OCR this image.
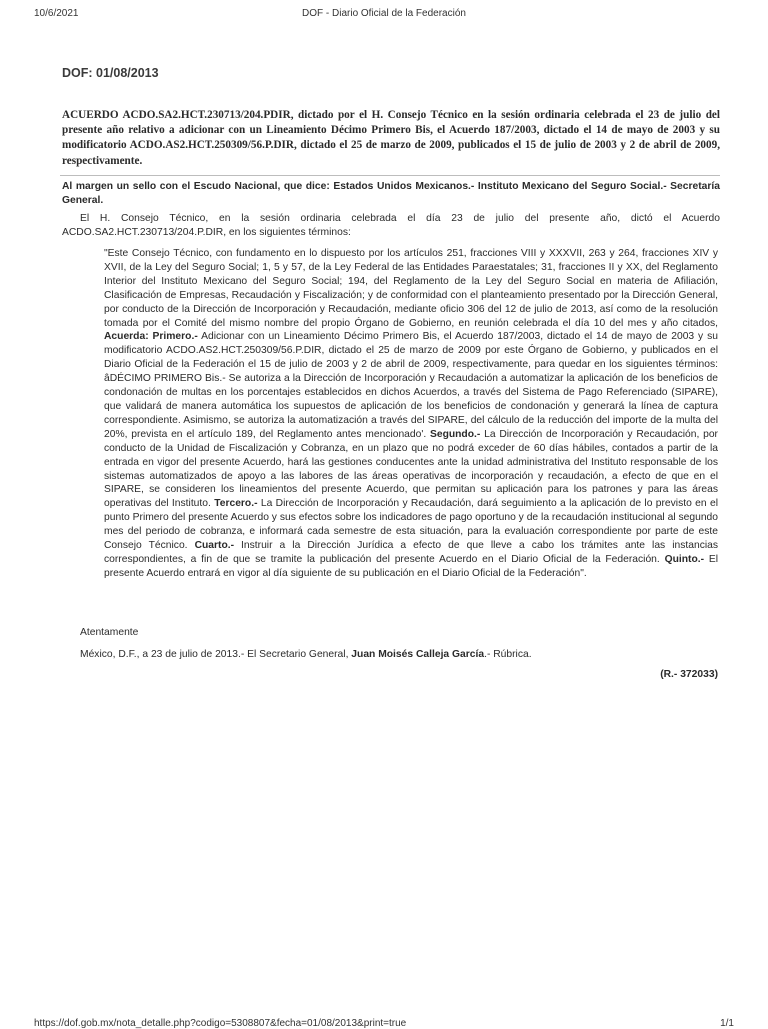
10/6/2021	DOF - Diario Oficial de la Federación
DOF: 01/08/2013
ACUERDO ACDO.SA2.HCT.230713/204.PDIR, dictado por el H. Consejo Técnico en la sesión ordinaria celebrada el 23 de julio del presente año relativo a adicionar con un Lineamiento Décimo Primero Bis, el Acuerdo 187/2003, dictado el 14 de mayo de 2003 y su modificatorio ACDO.AS2.HCT.250309/56.P.DIR, dictado el 25 de marzo de 2009, publicados el 15 de julio de 2003 y 2 de abril de 2009, respectivamente.
Al margen un sello con el Escudo Nacional, que dice: Estados Unidos Mexicanos.- Instituto Mexicano del Seguro Social.- Secretaría General.
El H. Consejo Técnico, en la sesión ordinaria celebrada el día 23 de julio del presente año, dictó el Acuerdo ACDO.SA2.HCT.230713/204.P.DIR, en los siguientes términos:
"Este Consejo Técnico, con fundamento en lo dispuesto por los artículos 251, fracciones VIII y XXXVII, 263 y 264, fracciones XIV y XVII, de la Ley del Seguro Social; 1, 5 y 57, de la Ley Federal de las Entidades Paraestatales; 31, fracciones II y XX, del Reglamento Interior del Instituto Mexicano del Seguro Social; 194, del Reglamento de la Ley del Seguro Social en materia de Afiliación, Clasificación de Empresas, Recaudación y Fiscalización; y de conformidad con el planteamiento presentado por la Dirección General, por conducto de la Dirección de Incorporación y Recaudación, mediante oficio 306 del 12 de julio de 2013, así como de la resolución tomada por el Comité del mismo nombre del propio Órgano de Gobierno, en reunión celebrada el día 10 del mes y año citados, Acuerda: Primero.- Adicionar con un Lineamiento Décimo Primero Bis, el Acuerdo 187/2003, dictado el 14 de mayo de 2003 y su modificatorio ACDO.AS2.HCT.250309/56.P.DIR, dictado el 25 de marzo de 2009 por este Órgano de Gobierno, y publicados en el Diario Oficial de la Federación el 15 de julio de 2003 y 2 de abril de 2009, respectivamente, para quedar en los siguientes términos: âDÉCIMO PRIMERO Bis.- Se autoriza a la Dirección de Incorporación y Recaudación a automatizar la aplicación de los beneficios de condonación de multas en los porcentajes establecidos en dichos Acuerdos, a través del Sistema de Pago Referenciado (SIPARE), que validará de manera automática los supuestos de aplicación de los beneficios de condonación y generará la línea de captura correspondiente. Asimismo, se autoriza la automatización a través del SIPARE, del cálculo de la reducción del importe de la multa del 20%, prevista en el artículo 189, del Reglamento antes mencionado'. Segundo.- La Dirección de Incorporación y Recaudación, por conducto de la Unidad de Fiscalización y Cobranza, en un plazo que no podrá exceder de 60 días hábiles, contados a partir de la entrada en vigor del presente Acuerdo, hará las gestiones conducentes ante la unidad administrativa del Instituto responsable de los sistemas automatizados de apoyo a las labores de las áreas operativas de incorporación y recaudación, a efecto de que en el SIPARE, se consideren los lineamientos del presente Acuerdo, que permitan su aplicación para los patrones y para las áreas operativas del Instituto. Tercero.- La Dirección de Incorporación y Recaudación, dará seguimiento a la aplicación de lo previsto en el punto Primero del presente Acuerdo y sus efectos sobre los indicadores de pago oportuno y de la recaudación institucional al segundo mes del periodo de cobranza, e informará cada semestre de esta situación, para la evaluación correspondiente por parte de este Consejo Técnico. Cuarto.- Instruir a la Dirección Jurídica a efecto de que lleve a cabo los trámites ante las instancias correspondientes, a fin de que se tramite la publicación del presente Acuerdo en el Diario Oficial de la Federación. Quinto.- El presente Acuerdo entrará en vigor al día siguiente de su publicación en el Diario Oficial de la Federación".
Atentamente
México, D.F., a 23 de julio de 2013.- El Secretario General, Juan Moisés Calleja García.- Rúbrica.
(R.- 372033)
https://dof.gob.mx/nota_detalle.php?codigo=5308807&fecha=01/08/2013&print=true	1/1
